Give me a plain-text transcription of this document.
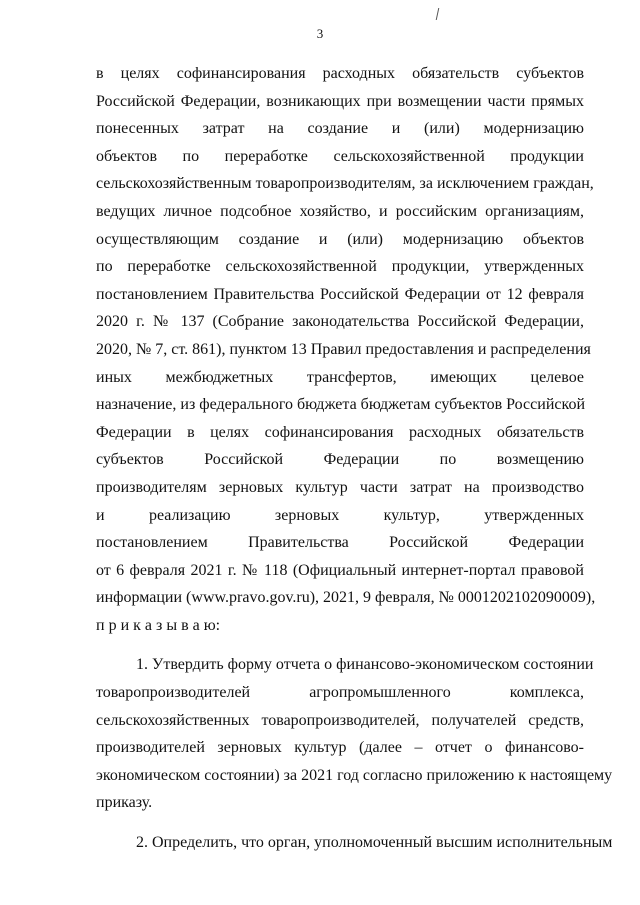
3
в целях софинансирования расходных обязательств субъектов
Российской Федерации, возникающих при возмещении части прямых
понесенных затрат на создание и (или) модернизацию
объектов по переработке сельскохозяйственной продукции
сельскохозяйственным товаропроизводителям, за исключением граждан,
ведущих личное подсобное хозяйство, и российским организациям,
осуществляющим создание и (или) модернизацию объектов
по переработке сельскохозяйственной продукции, утвержденных
постановлением Правительства Российской Федерации от 12 февраля
2020 г. № 137 (Собрание законодательства Российской Федерации,
2020, № 7, ст. 861), пунктом 13 Правил предоставления и распределения
иных межбюджетных трансфертов, имеющих целевое
назначение, из федерального бюджета бюджетам субъектов Российской
Федерации в целях софинансирования расходных обязательств
субъектов Российской Федерации по возмещению
производителям зерновых культур части затрат на производство
и реализацию зерновых культур, утвержденных
постановлением Правительства Российской Федерации
от 6 февраля 2021 г. № 118 (Официальный интернет-портал правовой
информации (www.pravo.gov.ru), 2021, 9 февраля, № 0001202102090009),
п р и к а з ы в а ю:
1. Утвердить форму отчета о финансово-экономическом состоянии
товаропроизводителей агропромышленного комплекса,
сельскохозяйственных товаропроизводителей, получателей средств,
производителей зерновых культур (далее – отчет о финансово-
экономическом состоянии) за 2021 год согласно приложению к настоящему
приказу.
2. Определить, что орган, уполномоченный высшим исполнительным
